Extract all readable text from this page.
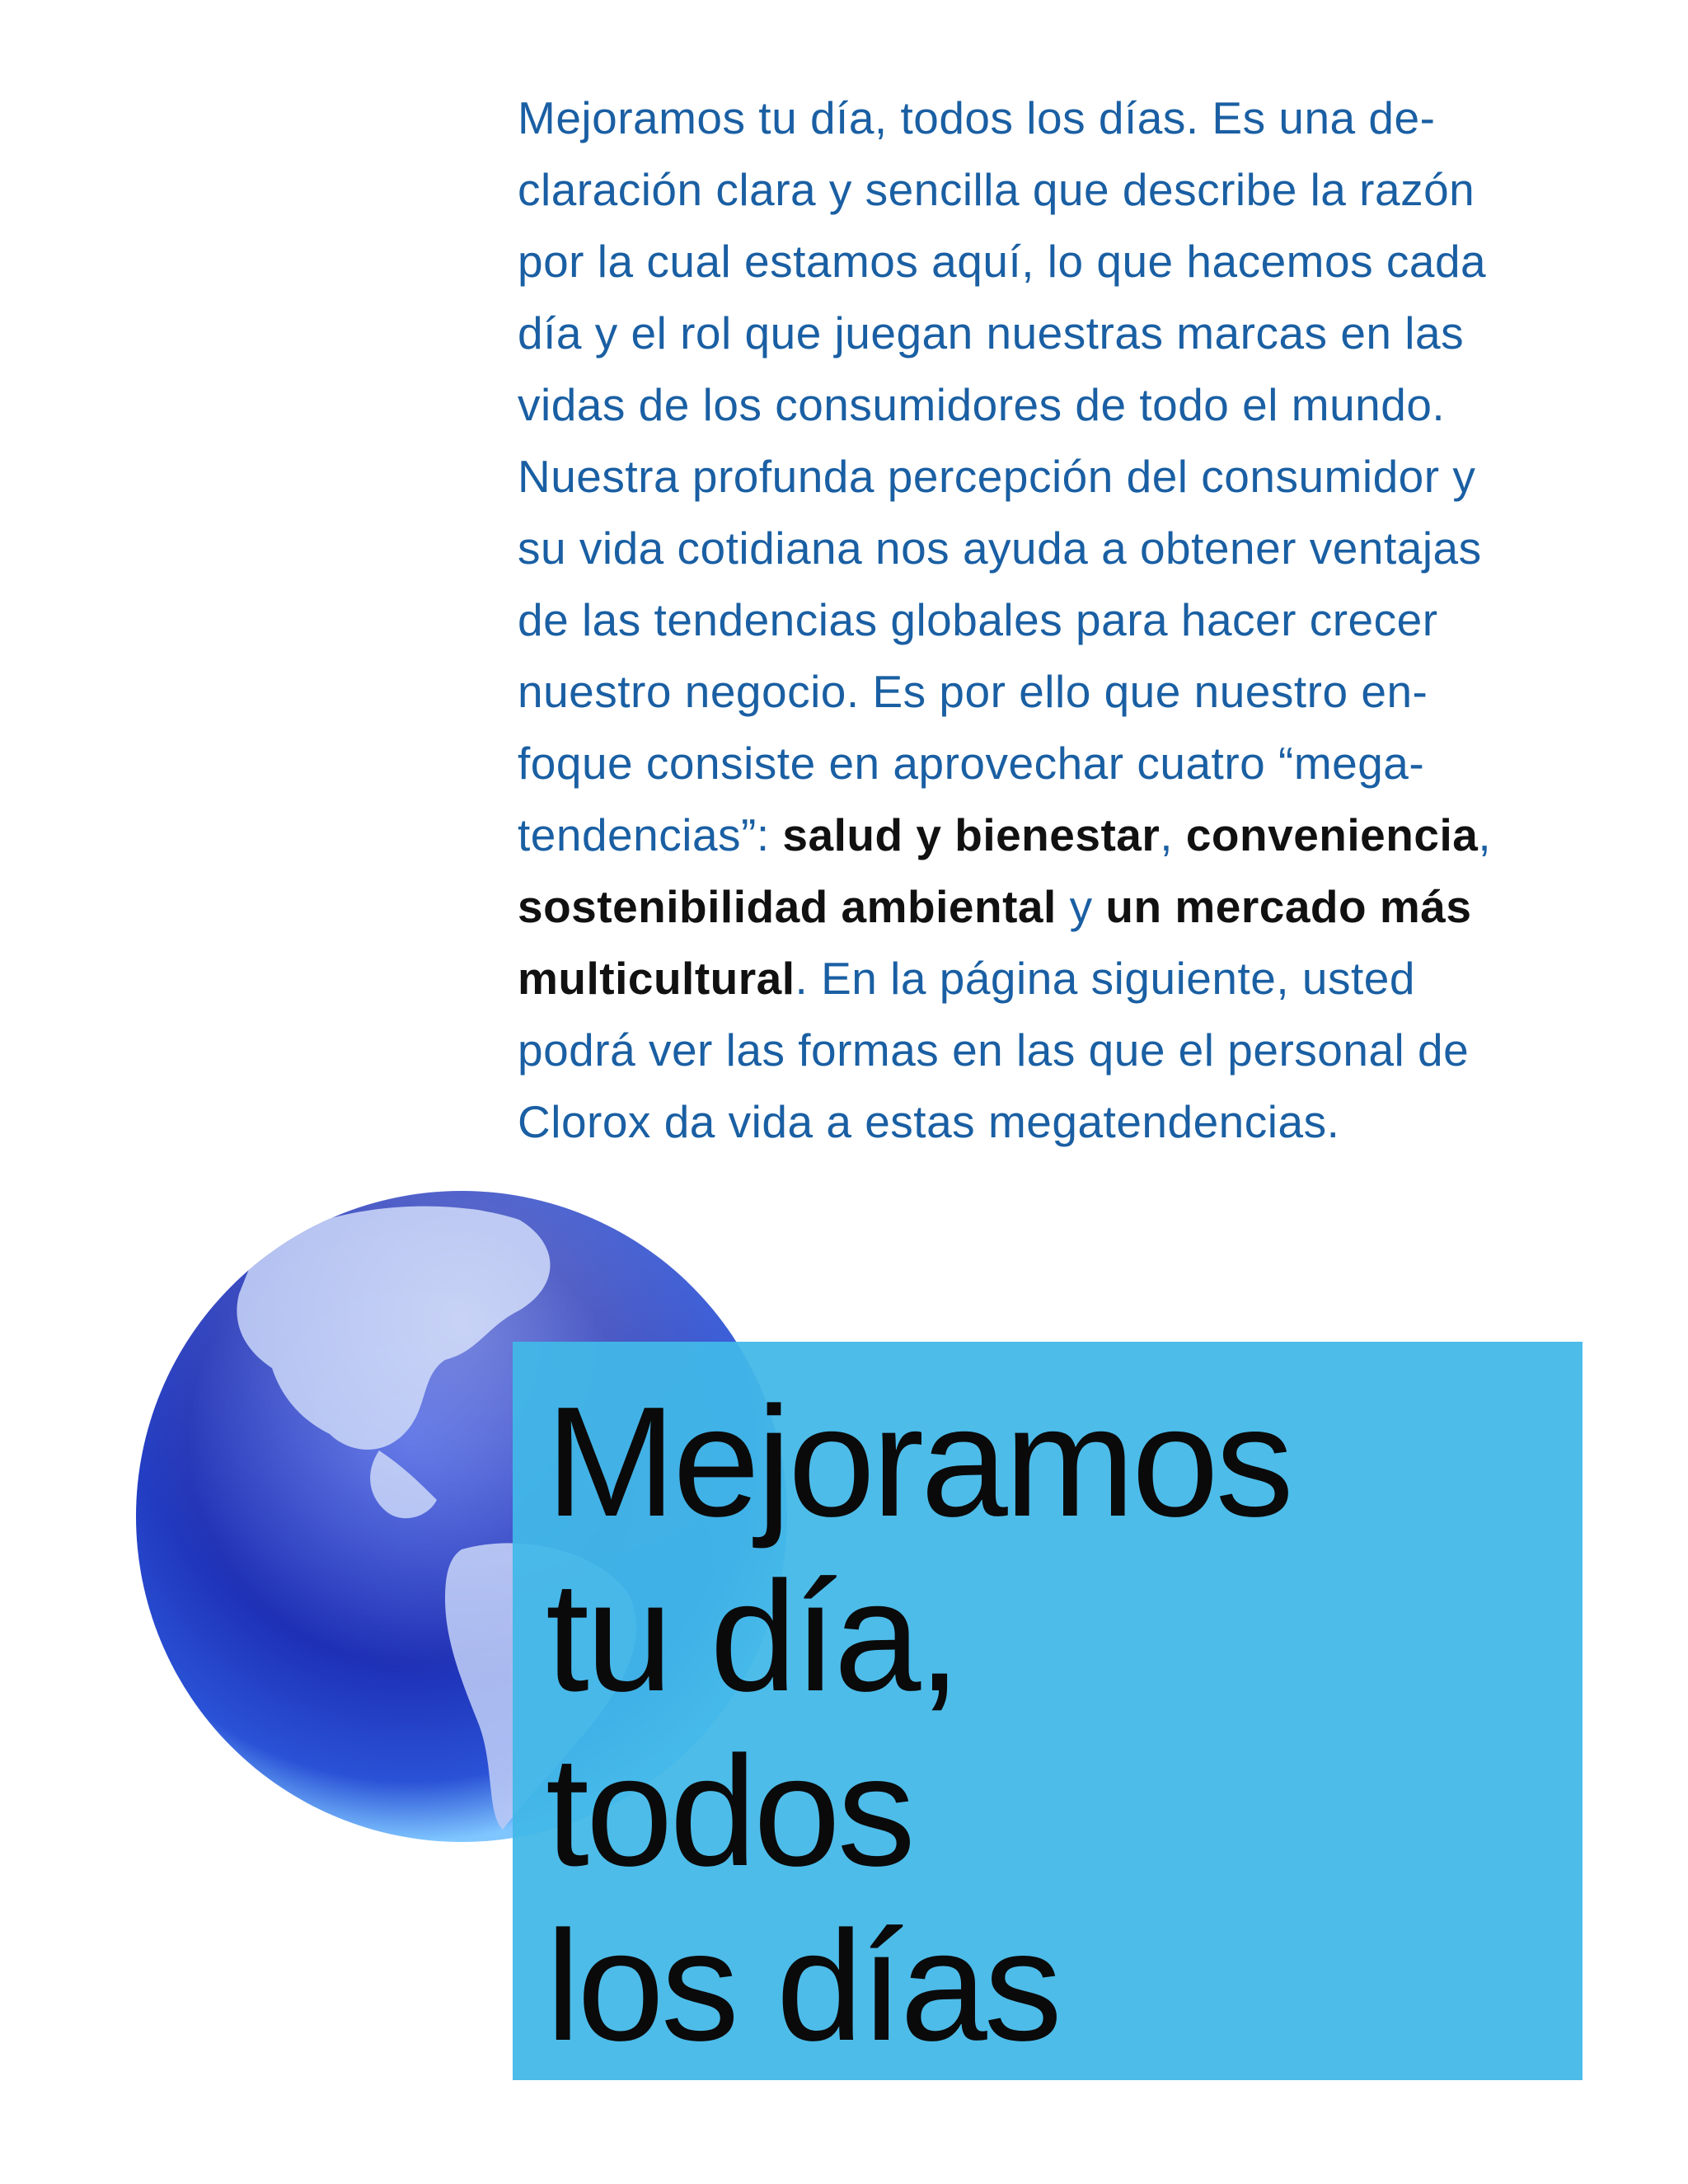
Mejoramos tu día, todos los días. Es una de-
claración clara y sencilla que describe la razón
por la cual estamos aquí, lo que hacemos cada
día y el rol que juegan nuestras marcas en las
vidas de los consumidores de todo el mundo.
Nuestra profunda percepción del consumidor y
su vida cotidiana nos ayuda a obtener ventajas
de las tendencias globales para hacer crecer
nuestro negocio. Es por ello que nuestro en-
foque consiste en aprovechar cuatro “mega-
tendencias”: salud y bienestar, conveniencia,
sostenibilidad ambiental y un mercado más
multicultural. En la página siguiente, usted
podrá ver las formas en las que el personal de
Clorox da vida a estas megatendencias.

Mejoramos
tu día,
todos
los días
